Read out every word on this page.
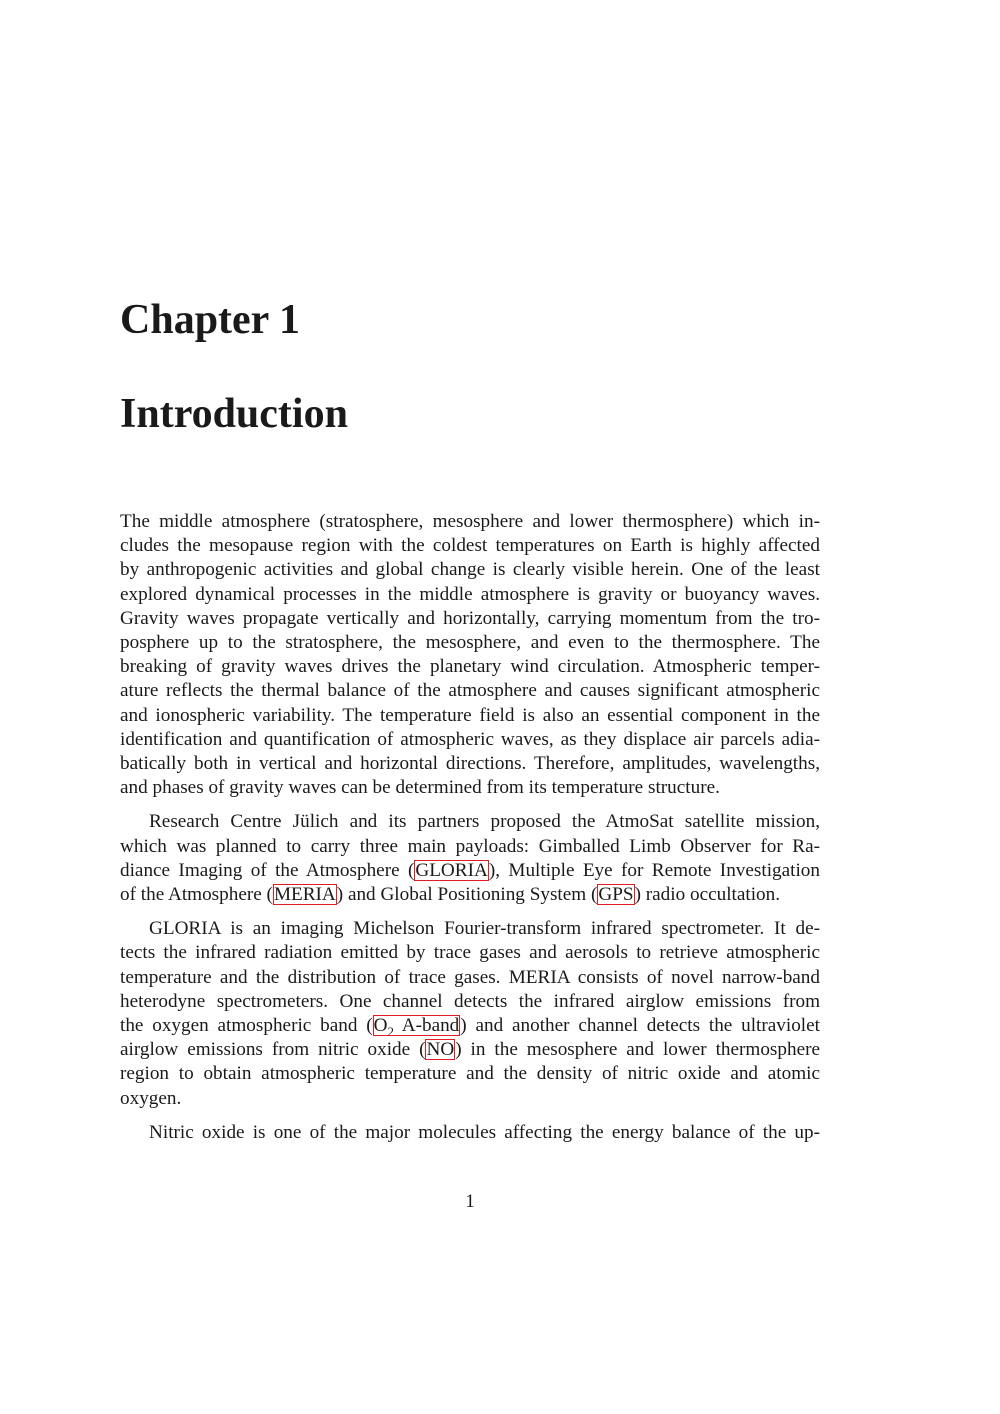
Chapter 1
Introduction

The middle atmosphere (stratosphere, mesosphere and lower thermosphere) which in-
cludes the mesopause region with the coldest temperatures on Earth is highly affected
by anthropogenic activities and global change is clearly visible herein. One of the least
explored dynamical processes in the middle atmosphere is gravity or buoyancy waves.
Gravity waves propagate vertically and horizontally, carrying momentum from the tro-
posphere up to the stratosphere, the mesosphere, and even to the thermosphere. The
breaking of gravity waves drives the planetary wind circulation. Atmospheric temper-
ature reflects the thermal balance of the atmosphere and causes significant atmospheric
and ionospheric variability. The temperature field is also an essential component in the
identification and quantification of atmospheric waves, as they displace air parcels adia-
batically both in vertical and horizontal directions. Therefore, amplitudes, wavelengths,
and phases of gravity waves can be determined from its temperature structure.

Research Centre Jülich and its partners proposed the AtmoSat satellite mission,
which was planned to carry three main payloads: Gimballed Limb Observer for Ra-
diance Imaging of the Atmosphere (GLORIA), Multiple Eye for Remote Investigation
of the Atmosphere (MERIA) and Global Positioning System (GPS) radio occultation.

GLORIA is an imaging Michelson Fourier-transform infrared spectrometer. It de-
tects the infrared radiation emitted by trace gases and aerosols to retrieve atmospheric
temperature and the distribution of trace gases. MERIA consists of novel narrow-band
heterodyne spectrometers. One channel detects the infrared airglow emissions from
the oxygen atmospheric band ($O_2$ A-band) and another channel detects the ultraviolet
airglow emissions from nitric oxide (NO) in the mesosphere and lower thermosphere
region to obtain atmospheric temperature and the density of nitric oxide and atomic
oxygen.

Nitric oxide is one of the major molecules affecting the energy balance of the up-

1
